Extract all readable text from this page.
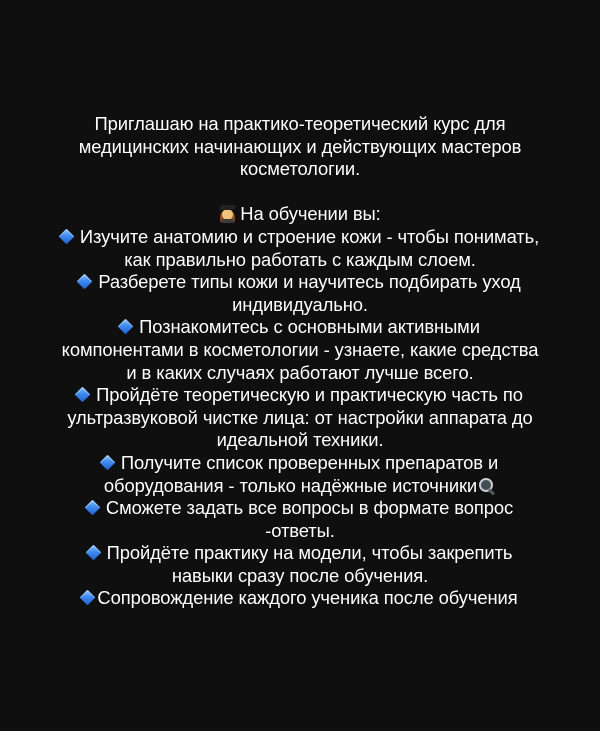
Приглашаю на практико-теоретический курс для
медицинских начинающих и действующих мастеров
косметологии.
На обучении вы:
Изучите анатомию и строение кожи - чтобы понимать,
как правильно работать с каждым слоем.
Разберете типы кожи и научитесь подбирать уход
индивидуально.
Познакомитесь с основными активными
компонентами в косметологии - узнаете, какие средства
и в каких случаях работают лучше всего.
Пройдёте теоретическую и практическую часть по
ультразвуковой чистке лица: от настройки аппарата до
идеальной техники.
Получите список проверенных препаратов и
оборудования - только надёжные источники
Сможете задать все вопросы в формате вопрос
-ответы.
Пройдёте практику на модели, чтобы закрепить
навыки сразу после обучения.
Сопровождение каждого ученика после обучения
